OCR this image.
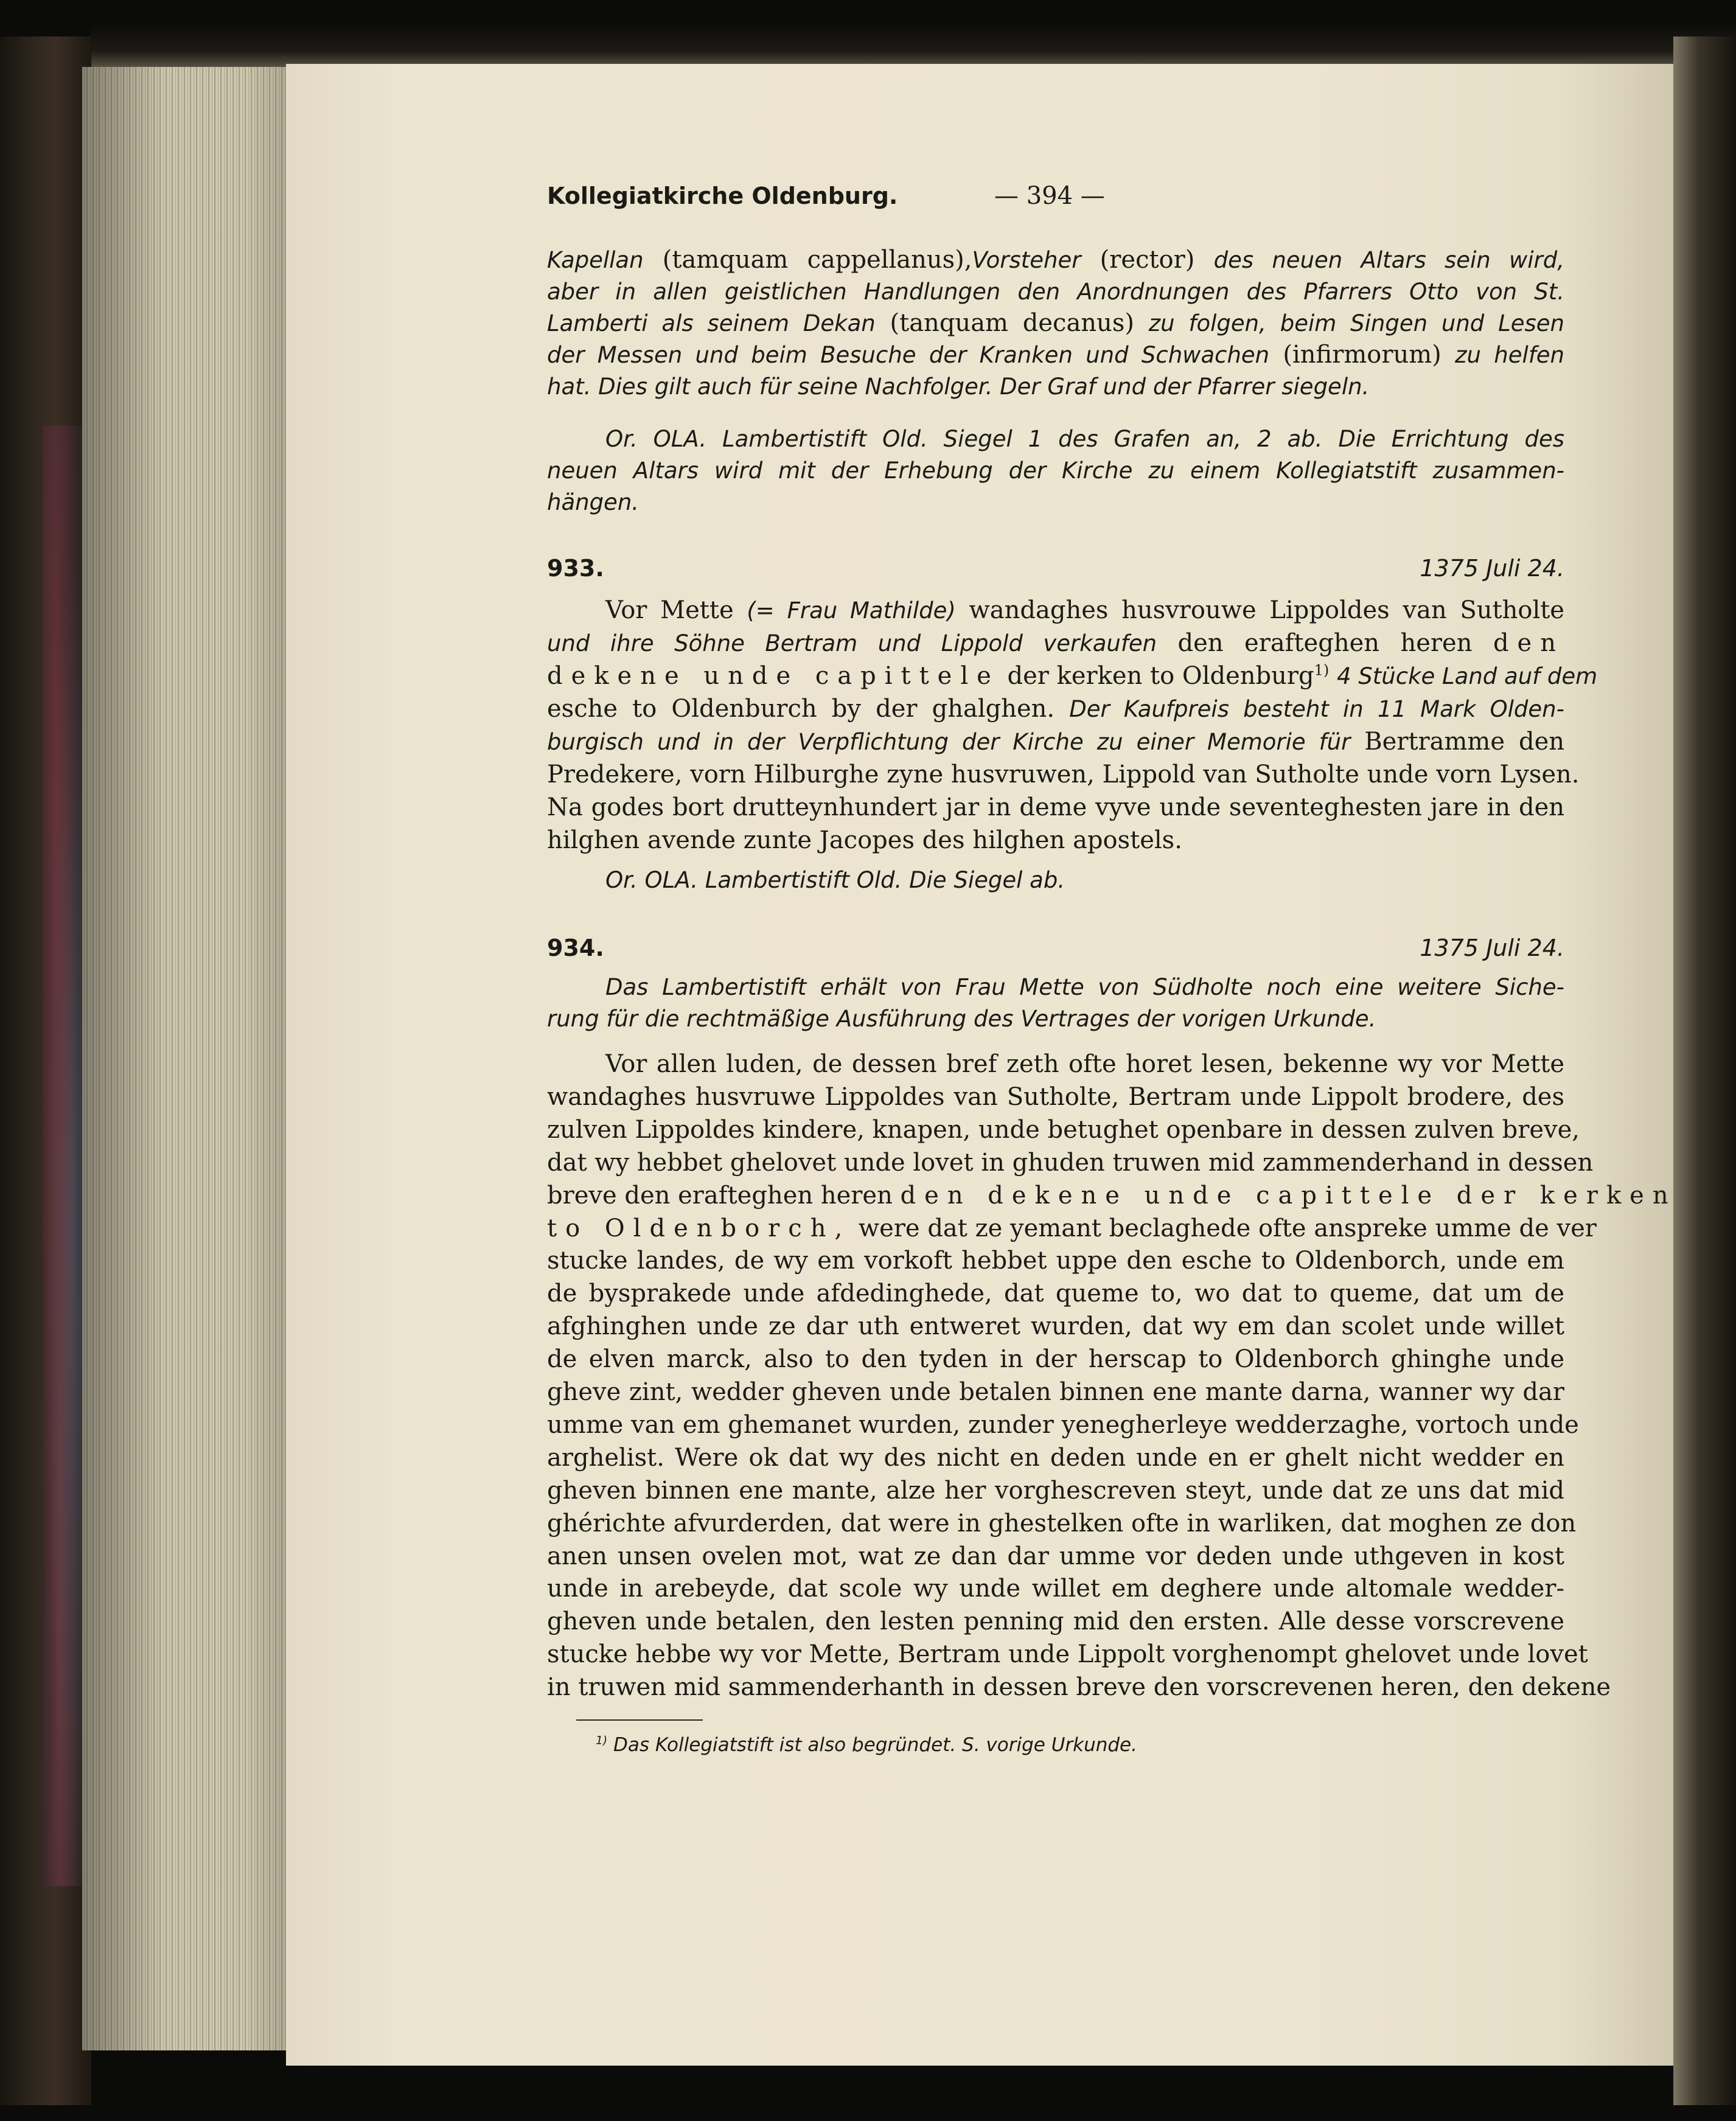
Kollegiatkirche Oldenburg.	— 394 —
Kapellan (tamquam cappellanus),Vorsteher (rector) des neuen Altars sein wird,
aber in allen geistlichen Handlungen den Anordnungen des Pfarrers Otto von St.
Lamberti als seinem Dekan (tanquam decanus) zu folgen, beim Singen und Lesen
der Messen und beim Besuche der Kranken und Schwachen (infirmorum) zu helfen
hat. Dies gilt auch für seine Nachfolger. Der Graf und der Pfarrer siegeln.
Or. OLA. Lambertistift Old. Siegel 1 des Grafen an, 2 ab. Die Errichtung des
neuen Altars wird mit der Erhebung der Kirche zu einem Kollegiatstift zusammen-
hängen.
933.	1375 Juli 24.
Vor Mette (= Frau Mathilde) wandaghes husvrouwe Lippoldes van Sutholte
und ihre Söhne Bertram und Lippold verkaufen den erafteghen heren den
dekene unde capittele der kerken to Oldenburg$^{1)}$ 4 Stücke Land auf dem
esche to Oldenburch by der ghalghen. Der Kaufpreis besteht in 11 Mark Olden-
burgisch und in der Verpflichtung der Kirche zu einer Memorie für Bertramme den
Predekere, vorn Hilburghe zyne husvruwen, Lippold van Sutholte unde vorn Lysen.
Na godes bort drutteynhundert jar in deme vyve unde seventeghesten jare in den
hilghen avende zunte Jacopes des hilghen apostels.
Or. OLA. Lambertistift Old. Die Siegel ab.
934.	1375 Juli 24.
Das Lambertistift erhält von Frau Mette von Südholte noch eine weitere Siche-
rung für die rechtmäßige Ausführung des Vertrages der vorigen Urkunde.
Vor allen luden, de dessen bref zeth ofte horet lesen, bekenne wy vor Mette
wandaghes husvruwe Lippoldes van Sutholte, Bertram unde Lippolt brodere, des
zulven Lippoldes kindere, knapen, unde betughet openbare in dessen zulven breve,
dat wy hebbet ghelovet unde lovet in ghuden truwen mid zammenderhand in dessen
breve den erafteghen heren den dekene unde capittele der kerken
to Oldenborch, were dat ze yemant beclaghede ofte anspreke umme de ver
stucke landes, de wy em vorkoft hebbet uppe den esche to Oldenborch, unde em
de bysprakede unde afdedinghede, dat queme to, wo dat to queme, dat um de
afghinghen unde ze dar uth entweret wurden, dat wy em dan scolet unde willet
de elven marck, also to den tyden in der herscap to Oldenborch ghinghe unde
gheve zint, wedder gheven unde betalen binnen ene mante darna, wanner wy dar
umme van em ghemanet wurden, zunder yenegherleye wedderzaghe, vortoch unde
arghelist. Were ok dat wy des nicht en deden unde en er ghelt nicht wedder en
gheven binnen ene mante, alze her vorghescreven steyt, unde dat ze uns dat mid
ghérichte afvurderden, dat were in ghestelken ofte in warliken, dat moghen ze don
anen unsen ovelen mot, wat ze dan dar umme vor deden unde uthgeven in kost
unde in arebeyde, dat scole wy unde willet em deghere unde altomale wedder-
gheven unde betalen, den lesten penning mid den ersten. Alle desse vorscrevene
stucke hebbe wy vor Mette, Bertram unde Lippolt vorghenompt ghelovet unde lovet
in truwen mid sammenderhanth in dessen breve den vorscrevenen heren, den dekene
$^{1)}$ Das Kollegiatstift ist also begründet. S. vorige Urkunde.
